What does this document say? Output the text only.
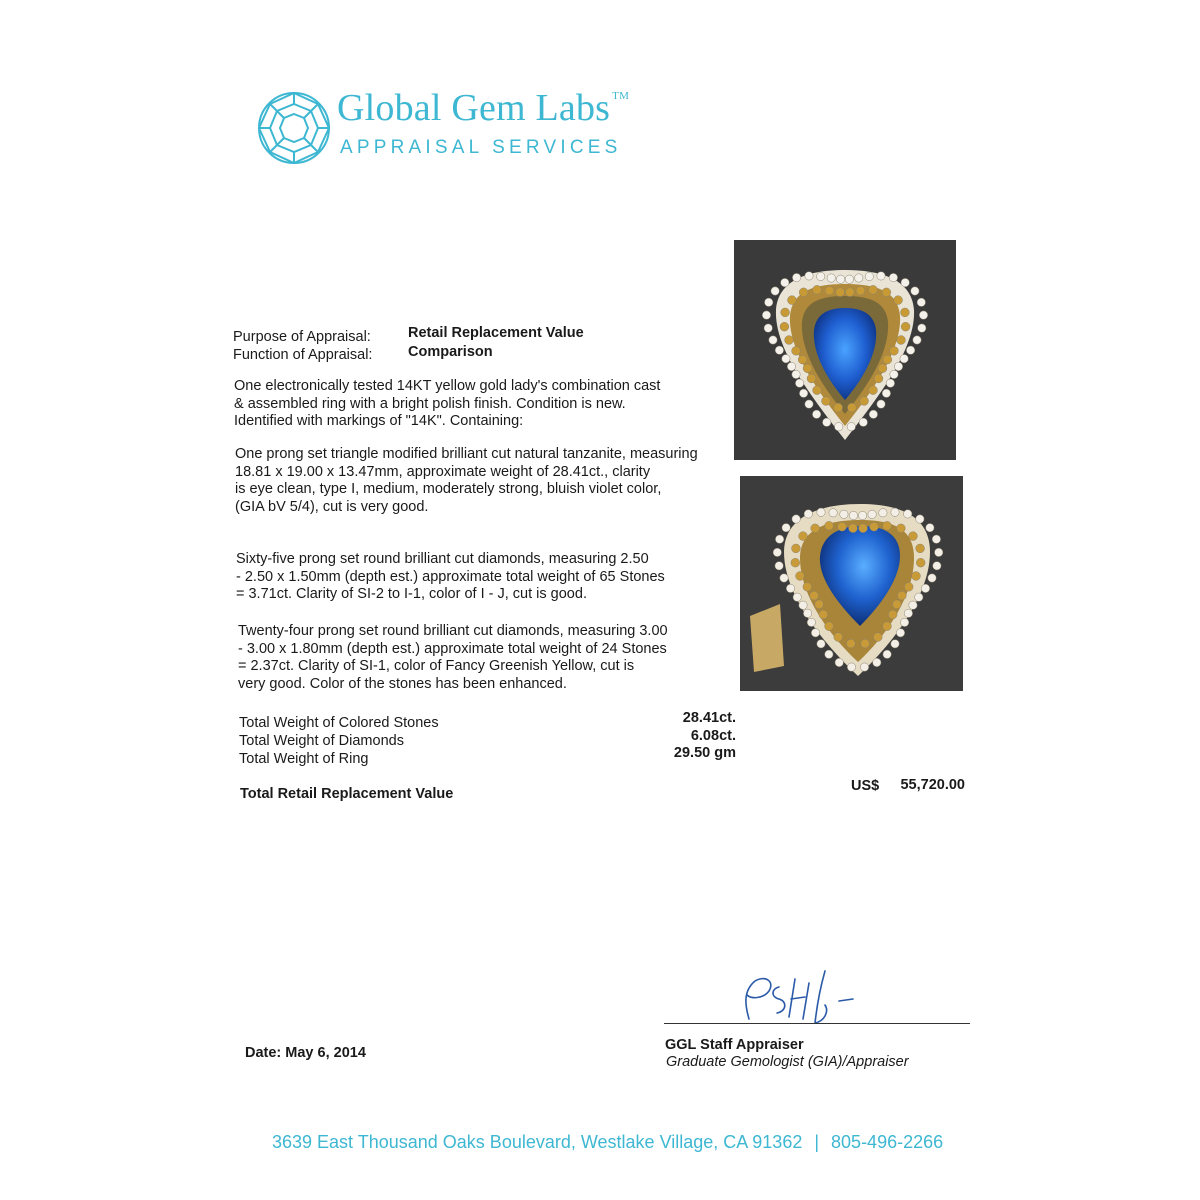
Global Gem Labs ™
APPRAISAL SERVICES
Purpose of Appraisal:	Retail Replacement Value
Function of Appraisal: Comparison
One electronically tested 14KT yellow gold lady's combination cast
& assembled ring with a bright polish finish. Condition is new.
Identified with markings of "14K". Containing:
One prong set triangle modified brilliant cut natural tanzanite, measuring
18.81 x 19.00 x 13.47mm, approximate weight of 28.41ct., clarity
is eye clean, type I, medium, moderately strong, bluish violet color,
(GIA bV 5/4), cut is very good.
Sixty-five prong set round brilliant cut diamonds, measuring 2.50
- 2.50 x 1.50mm (depth est.) approximate total weight of 65 Stones
= 3.71ct. Clarity of SI-2 to I-1, color of I - J, cut is good.
Twenty-four prong set round brilliant cut diamonds, measuring 3.00
- 3.00 x 1.80mm (depth est.) approximate total weight of 24 Stones
= 2.37ct. Clarity of SI-1, color of Fancy Greenish Yellow, cut is
very good. Color of the stones has been enhanced.
Total Weight of Colored Stones	28.41ct.
Total Weight of Diamonds	6.08ct.
Total Weight of Ring	29.50 gm
Total Retail Replacement Value	US$	55,720.00
GGL Staff Appraiser
Graduate Gemologist (GIA)/Appraiser
Date: May 6, 2014
3639 East Thousand Oaks Boulevard, Westlake Village, CA 91362 | 805-496-2266
